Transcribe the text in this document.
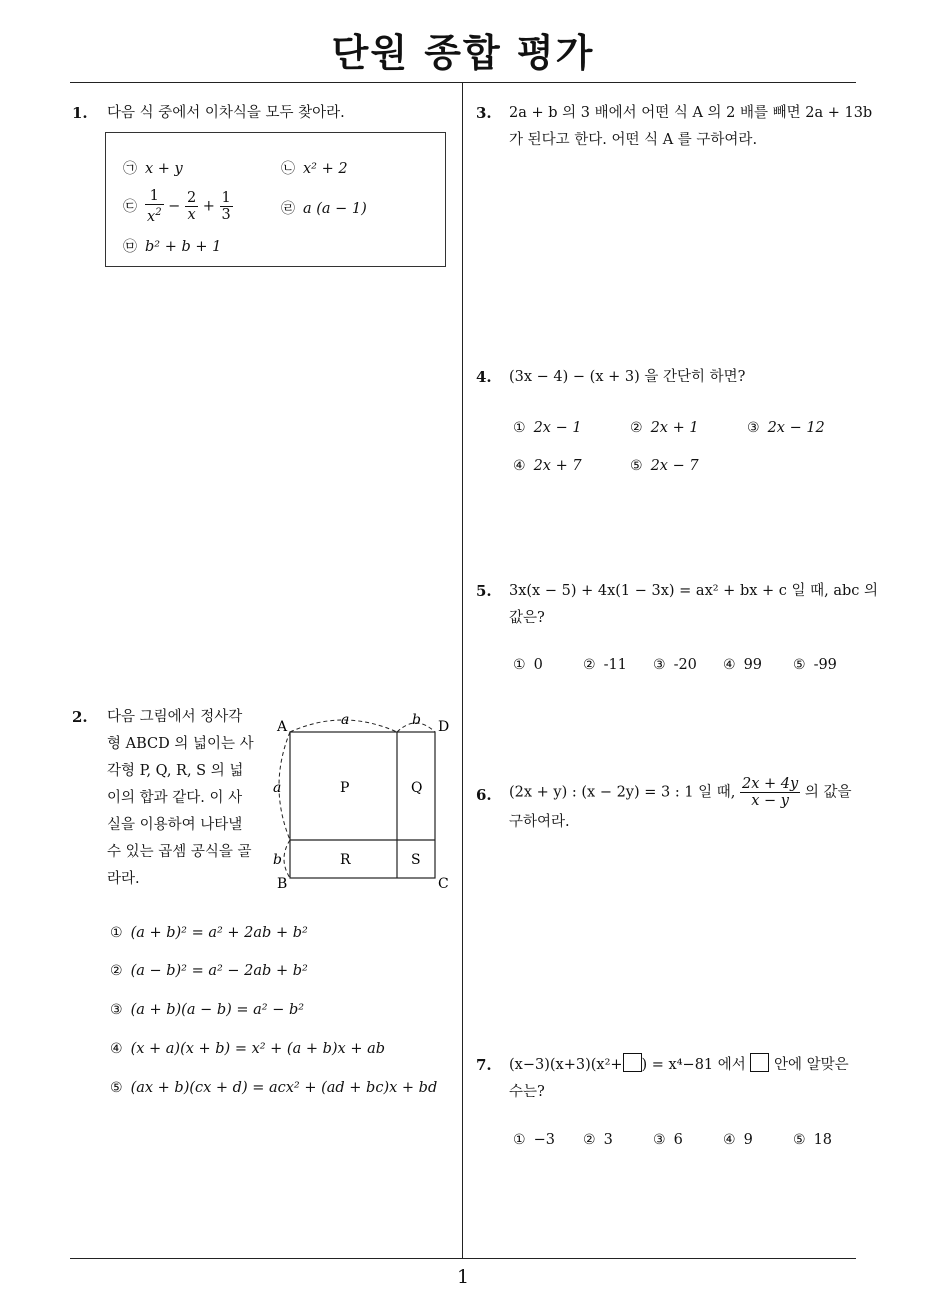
단원 종합 평가
1
1. 다음 식 중에서 이차식을 모두 찾아라.
㉠ x + y	㉡ x² + 2
㉢ $\frac{1}{x^2} - \frac{2}{x} + \frac{1}{3}$	㉣ a (a − 1)
㉤ b² + b + 1
2. 다음 그림에서 정사각
형 ABCD 의 넓이는 사
각형 P, Q, R, S 의 넓
이의 합과 같다. 이 사
실을 이용하여 나타낼
수 있는 곱셈 공식을 골
라라.
A
B	C
D
P	Q
R	S
a	b
a
b
① (a + b)² = a² + 2ab + b²
② (a − b)² = a² − 2ab + b²
③ (a + b)(a − b) = a² − b²
④ (x + a)(x + b) = x² + (a + b)x + ab
⑤ (ax + b)(cx + d) = acx² + (ad + bc)x + bd
3. 2a + b 의 3 배에서 어떤 식 A 의 2 배를 빼면 2a + 13b
가 된다고 한다. 어떤 식 A 를 구하여라.
4. (3x − 4) − (x + 3) 을 간단히 하면?
① 2x − 1	② 2x + 1	③ 2x − 12
④ 2x + 7	⑤ 2x − 7
5. 3x(x − 5) + 4x(1 − 3x) = ax² + bx + c 일 때, abc 의
값은?
① 0	② -11 ③ -20 ④ 99 ⑤ -99
6. (2x + y) : (x − 2y) = 3 : 1 일 때, $\frac{2x + 4y}{x - y}$ 의 값을
구하여라.
7. (x−3)(x+3)(x²+ ) = x⁴−81 에서 안에 알맞은
수는?
① −3 ② 3	③ 6	④ 9	⑤ 18
